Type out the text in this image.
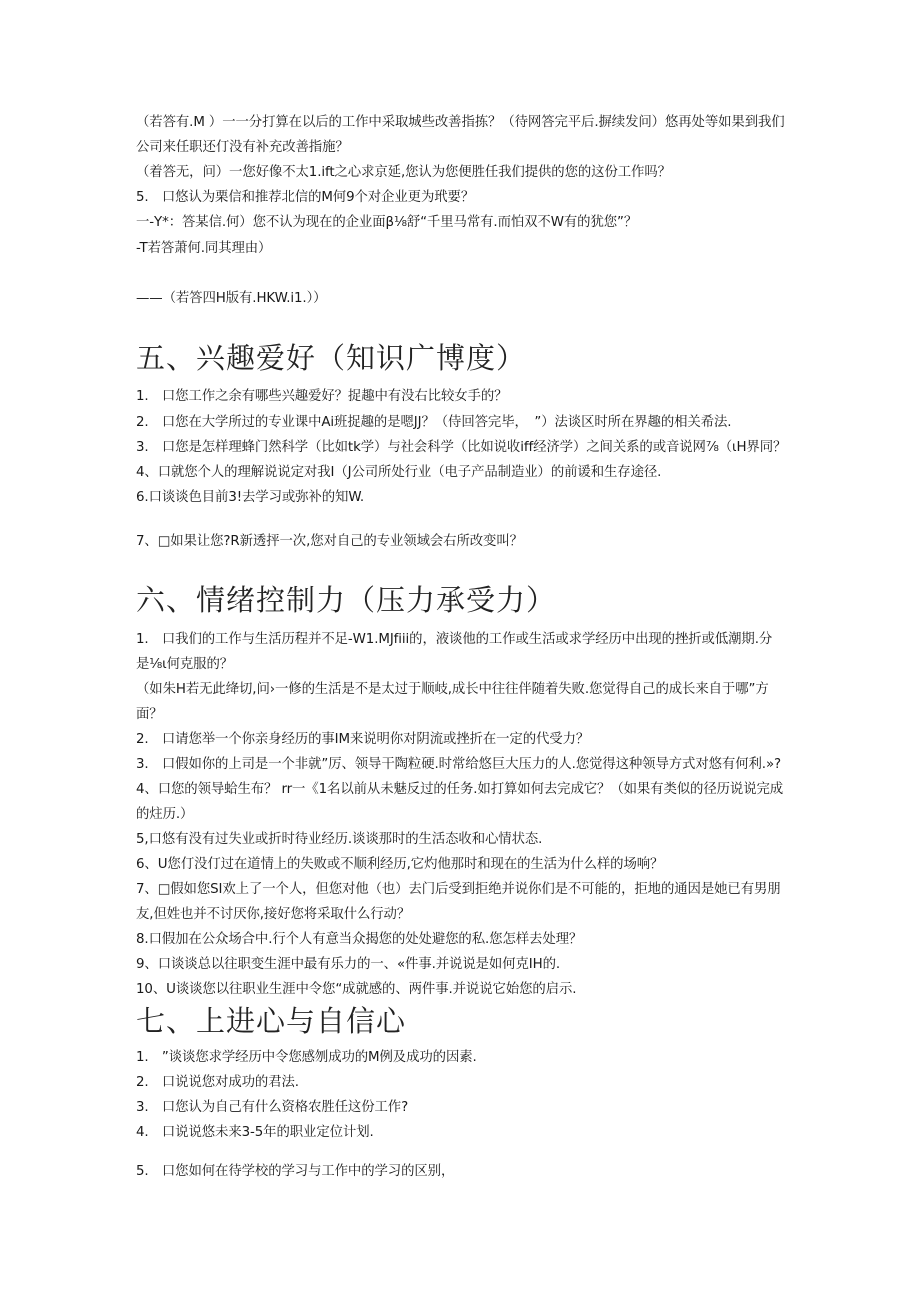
（若答有.M ）一一分打算在以后的工作中采取城些改善指拣？（待网答完平后.摒续发问）悠再处等如果到我们
公司来任职还仃没有补充改善指施？
（着答无，问）一您好像不太1.ift之心求京延,您认为您便胜任我们提供的您的这份工作吗？
5.　口悠认为栗信和推荐北信的M何9个对企业更为玳要？
一-Y*：答某信.何）您不认为现在的企业面β⅛舒“千里马常有.而怕双不W有的犹您”？
-T若答萧何.同其理由）
——（若答四H版有.HKW.i1.））
五、兴趣爱好（知识广博度）
1.　口您工作之余有哪些兴趣爱好？捉趣中有没右比较女手的？
2.　口您在大学所过的专业课中Ai班捉趣的是嗯JJ？（侍回答完毕，　”）法谈区时所在界趣的相关希法.
3.　口您是怎样理蜂门然科学（比如tk学）与社会科学（比如说收iff经济学）之间关系的或音说网⅞（ιH界同？
4、口就您个人的理解说说定对我I（J公司所处行业（电子产品制造业）的前谖和生存途径.
6.口谈谈色目前3!去学习或弥补的知W.
7、□如果让您?R新透抨一次,您对自己的专业领域会右所改变叫？
六、情绪控制力（压力承受力）
1.　口我们的工作与生活历程并不足-W1.MJfiii的，液谈他的工作或生活或求学经历中出现的挫折或低潮期.分
是⅛ι何克服的？
（如朱H若无此绛切,问›一修的生活是不是太过于顺岐,成长中往往伴随着失败.您觉得自己的成长来自于哪”方
面？
2.　口请您举一个你亲身经历的事IM来说明你对阴流或挫折在一定的代受力？
3.　口假如你的上司是一个非就”厉、领导干陶粒硬.时常给悠巨大压力的人.您觉得这种领导方式对悠有何利.»?
4、口您的领导蛤生布？ rr一《1名以前从未魅反过的任务.如打算如何去完成它？（如果有类似的径历说说完成
的炷历.）
5,口悠有没有过失业或折时待业经历.谈谈那时的生活态收和心情状态.
6、U您仃没仃过在道情上的失败或不顺利经历,它灼他那时和现在的生活为什么样的场响？
7、□假如您SI欢上了一个人，但您对他（也）去门后受到拒绝并说你们是不可能的，拒地的通因是她已有男朋
友,但姓也并不讨厌你,接好您将采取什么行动？
8.口假加在公众场合中.行个人有意当众揭您的处处避您的私.您怎样去处理？
9、口谈谈总以往职变生涯中最有乐力的一、«件事.并说说是如何克IH的.
10、U谈谈您以往职业生涯中令您“成就感的、两件事.并说说它始您的启示.
七、上进心与自信心
1.　”谈谈您求学经历中令您感刎成功的M例及成功的因素.
2.　口说说您对成功的君法.
3.　口您认为自己有什么资格农胜任这份工作?
4.　口说说悠未来3-5年的职业定位计划.
5.　口您如何在待学校的学习与工作中的学习的区别，
